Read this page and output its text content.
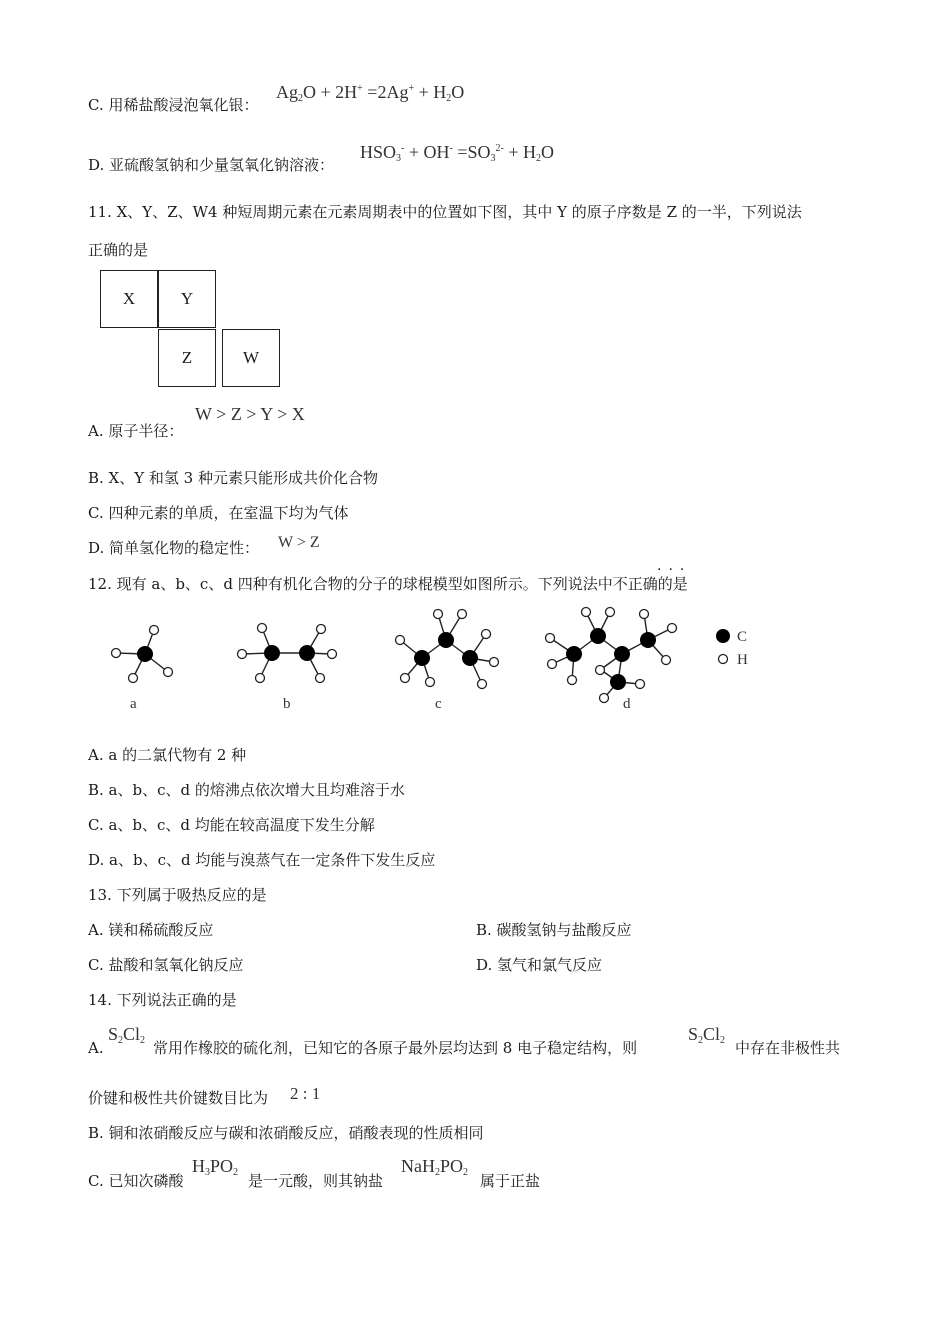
C. 用稀盐酸浸泡氧化银：
$Ag_2O + 2H^+ =2Ag^+ + H_2O$
D. 亚硫酸氢钠和少量氢氧化钠溶液：
$HSO_3^- + OH^- =SO_3^{2-} + H_2O$
11. X、Y、Z、W4 种短周期元素在元素周期表中的位置如下图，其中 Y 的原子序数是 Z 的一半，下列说法
正确的是
X	Y
Z	W
A. 原子半径：
W > Z > Y > X
B. X、Y 和氢 3 种元素只能形成共价化合物
C. 四种元素的单质，在室温下均为气体
D. 简单氢化物的稳定性： W > Z
···
12. 现有 a、b、c、d 四种有机化合物的分子的球棍模型如图所示。下列说法中不正确的是
a	b	c	d
C
H
A. a 的二氯代物有 2 种
B. a、b、c、d 的熔沸点依次增大且均难溶于水
C. a、b、c、d 均能在较高温度下发生分解
D. a、b、c、d 均能与溴蒸气在一定条件下发生反应
13. 下列属于吸热反应的是
A. 镁和稀硫酸反应	B. 碳酸氢钠与盐酸反应
C. 盐酸和氢氧化钠反应	D. 氢气和氯气反应
14. 下列说法正确的是
A.
$S_2Cl_2$ 常用作橡胶的硫化剂，已知它的各原子最外层均达到 8 电子稳定结构，则
$S_2Cl_2$ 中存在非极性共
价键和极性共价键数目比为 2 : 1
B. 铜和浓硝酸反应与碳和浓硝酸反应，硝酸表现的性质相同
C. 已知次磷酸
$H_3PO_2$ 是一元酸，则其钠盐
$NaH_2PO_2$ 属于正盐
